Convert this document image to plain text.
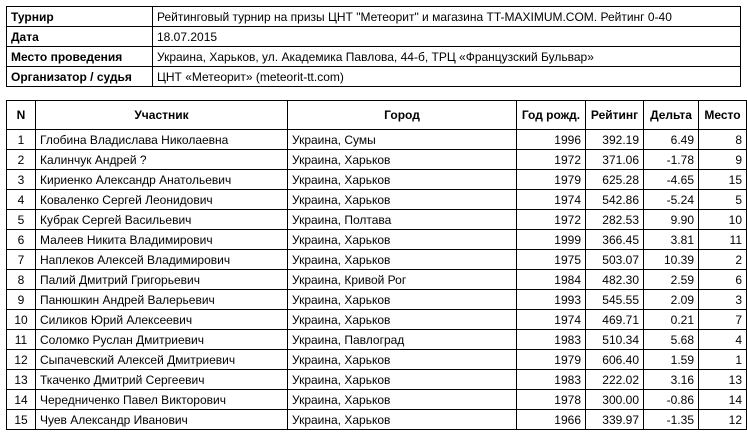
Турнир	Рейтинговый турнир на призы ЦНТ "Метеорит" и магазина TT-MAXIMUM.COM. Рейтинг 0-40
Дата	18.07.2015
Место проведения	Украина, Харьков, ул. Академика Павлова, 44-б, ТРЦ «Французский Бульвар»
Организатор / судья	ЦНТ «Метеорит» (meteorit-tt.com)
N	Участник	Город	Год рожд.	Рейтинг	Дельта	Место
1	Глобина Владислава Николаевна	Украина, Сумы	1996	392.19	6.49	8
2	Калинчук Андрей ?	Украина, Харьков	1972	371.06	-1.78	9
3	Кириенко Александр Анатольевич	Украина, Харьков	1979	625.28	-4.65	15
4	Коваленко Сергей Леонидович	Украина, Харьков	1974	542.86	-5.24	5
5	Кубрак Сергей Васильевич	Украина, Полтава	1972	282.53	9.90	10
6	Малеев Никита Владимирович	Украина, Харьков	1999	366.45	3.81	11
7	Наплеков Алексей Владимирович	Украина, Харьков	1975	503.07	10.39	2
8	Палий Дмитрий Григорьевич	Украина, Кривой Рог	1984	482.30	2.59	6
9	Панюшкин Андрей Валерьевич	Украина, Харьков	1993	545.55	2.09	3
10	Силиков Юрий Алексеевич	Украина, Харьков	1974	469.71	0.21	7
11	Соломко Руслан Дмитриевич	Украина, Павлоград	1983	510.34	5.68	4
12	Сыпачевский Алексей Дмитриевич	Украина, Харьков	1979	606.40	1.59	1
13	Ткаченко Дмитрий Сергеевич	Украина, Харьков	1983	222.02	3.16	13
14	Чередниченко Павел Викторович	Украина, Харьков	1978	300.00	-0.86	14
15	Чуев Александр Иванович	Украина, Харьков	1966	339.97	-1.35	12
